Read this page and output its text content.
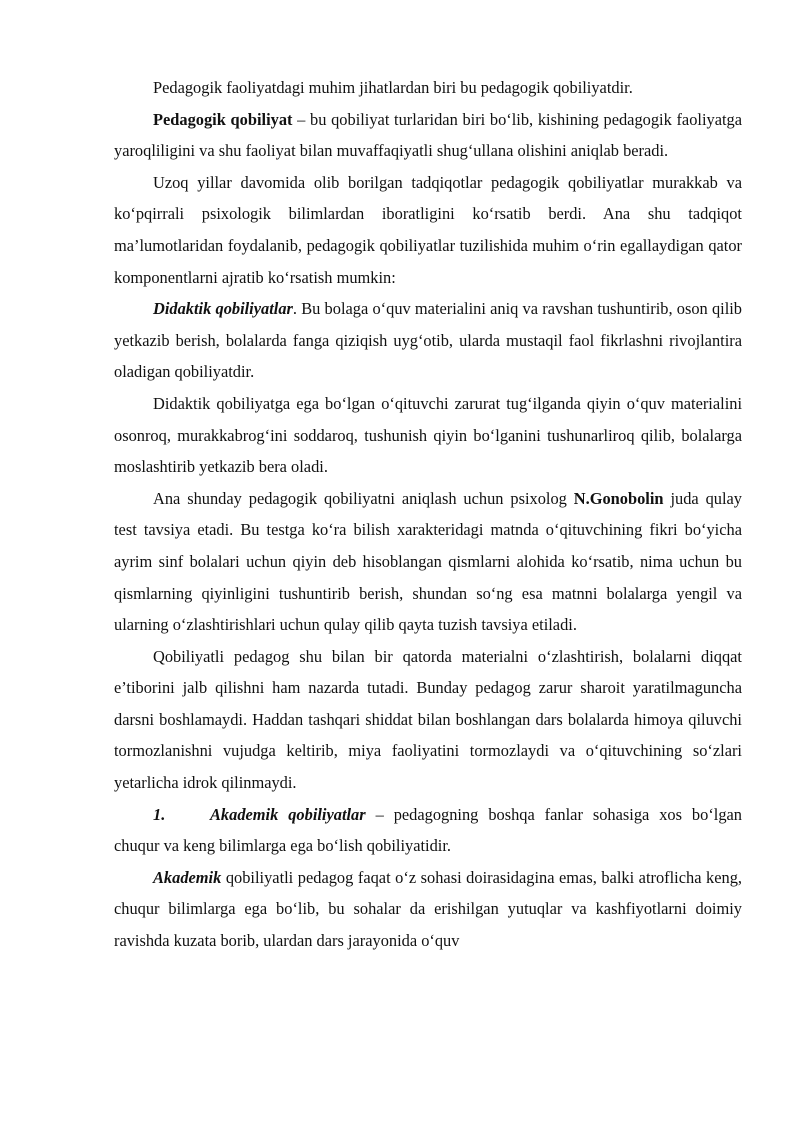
Pedagogik faoliyatdagi muhim jihatlardan biri bu pedagogik qobiliyatdir.

Pedagogik qobiliyat – bu qobiliyat turlaridan biri bo‘lib, kishining pedagogik faoliyatga yaroqliligini va shu faoliyat bilan muvaffaqiyatli shug‘ullana olishini aniqlab beradi.

Uzoq yillar davomida olib borilgan tadqiqotlar pedagogik qobiliyatlar murakkab va ko‘pqirrali psixologik bilimlardan iboratligini ko‘rsatib berdi. Ana shu tadqiqot ma’lumotlaridan foydalanib, pedagogik qobiliyatlar tuzilishida muhim o‘rin egallaydigan qator komponentlarni ajratib ko‘rsatish mumkin:

Didaktik qobiliyatlar. Bu bolaga o‘quv materialini aniq va ravshan tushuntirib, oson qilib yetkazib berish, bolalarda fanga qiziqish uyg‘otib, ularda mustaqil faol fikrlashni rivojlantira oladigan qobiliyatdir.

Didaktik qobiliyatga ega bo‘lgan o‘qituvchi zarurat tug‘ilganda qiyin o‘quv materialini osonroq, murakkabrog‘ini soddaroq, tushunish qiyin bo‘lganini tushunarliroq qilib, bolalarga moslashtirib yetkazib bera oladi.

Ana shunday pedagogik qobiliyatni aniqlash uchun psixolog N.Gonobolin juda qulay test tavsiya etadi. Bu testga ko‘ra bilish xarakteridagi matnda o‘qituvchining fikri bo‘yicha ayrim sinf bolalari uchun qiyin deb hisoblangan qismlarni alohida ko‘rsatib, nima uchun bu qismlarning qiyinligini tushuntirib berish, shundan so‘ng esa matnni bolalarga yengil va ularning o‘zlashtirishlari uchun qulay qilib qayta tuzish tavsiya etiladi.

Qobiliyatli pedagog shu bilan bir qatorda materialni o‘zlashtirish, bolalarni diqqat e’tiborini jalb qilishni ham nazarda tutadi. Bunday pedagog zarur sharoit yaratilmaguncha darsni boshlamaydi. Haddan tashqari shiddat bilan boshlangan dars bolalarda himoya qiluvchi tormozlanishni vujudga keltirib, miya faoliyatini tormozlaydi va o‘qituvchining so‘zlari yetarlicha idrok qilinmaydi.

1.	Akademik qobiliyatlar – pedagogning boshqa fanlar sohasiga xos bo‘lgan chuqur va keng bilimlarga ega bo‘lish qobiliyatidir.

Akademik qobiliyatli pedagog faqat o‘z sohasi doirasidagina emas, balki atroflicha keng, chuqur bilimlarga ega bo‘lib, bu sohalar da erishilgan yutuqlar va kashfiyotlarni doimiy ravishda kuzata borib, ulardan dars jarayonida o‘quv
